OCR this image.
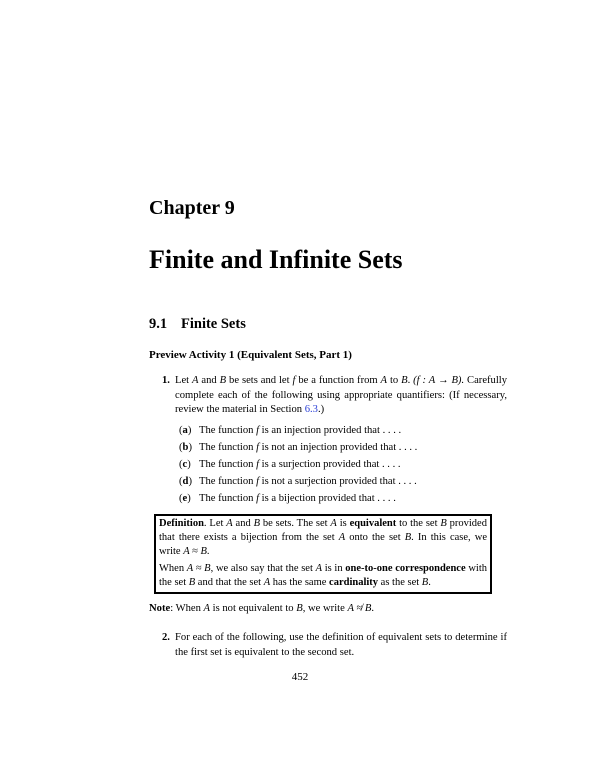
Chapter 9
Finite and Infinite Sets
9.1 Finite Sets
Preview Activity 1 (Equivalent Sets, Part 1)
1. Let A and B be sets and let f be a function from A to B. (f : A → B). Carefully complete each of the following using appropriate quantifiers: (If necessary, review the material in Section 6.3.)
(a) The function f is an injection provided that . . . .
(b) The function f is not an injection provided that . . . .
(c) The function f is a surjection provided that . . . .
(d) The function f is not a surjection provided that . . . .
(e) The function f is a bijection provided that . . . .

Definition. Let A and B be sets. The set A is equivalent to the set B provided that there exists a bijection from the set A onto the set B. In this case, we write A ≈ B.

When A ≈ B, we also say that the set A is in one-to-one correspondence with the set B and that the set A has the same cardinality as the set B.

Note: When A is not equivalent to B, we write A ≉ B.
2. For each of the following, use the definition of equivalent sets to determine if the first set is equivalent to the second set.
452
